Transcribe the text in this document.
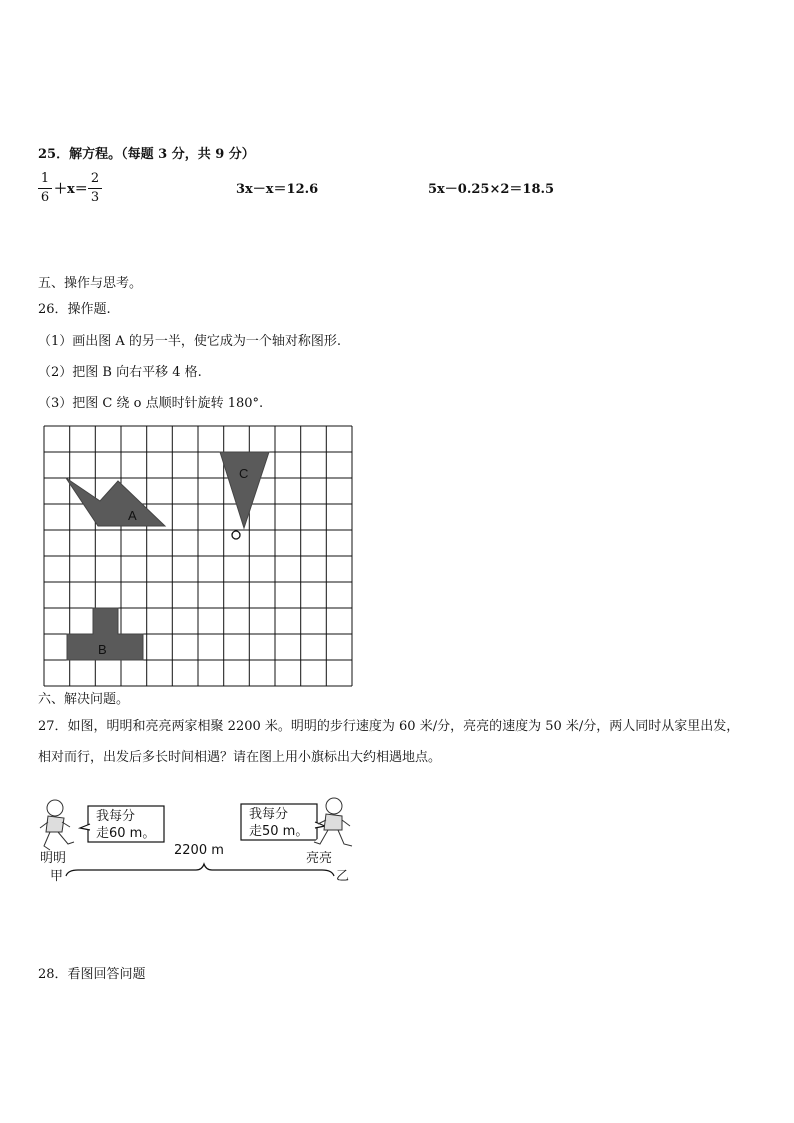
25．解方程。（每题 3 分，共 9 分）
1
6
＋x＝
2
3
3x－x＝12.6	5x－0.25×2＝18.5
五、操作与思考。
26．操作题.
（1）画出图 A 的另一半，使它成为一个轴对称图形.
（2）把图 B 向右平移 4 格.
（3）把图 C 绕 o 点顺时针旋转 180°.
A
C
B
六、解决问题。
27．如图，明明和亮亮两家相聚 2200 米。明明的步行速度为 60 米/分，亮亮的速度为 50 米/分，两人同时从家里出发，
相对而行，出发后多长时间相遇？请在图上用小旗标出大约相遇地点。
我每分
走60 m。
我每分
走50 m。
2200 m
明明	亮亮
甲	乙
28．看图回答问题
